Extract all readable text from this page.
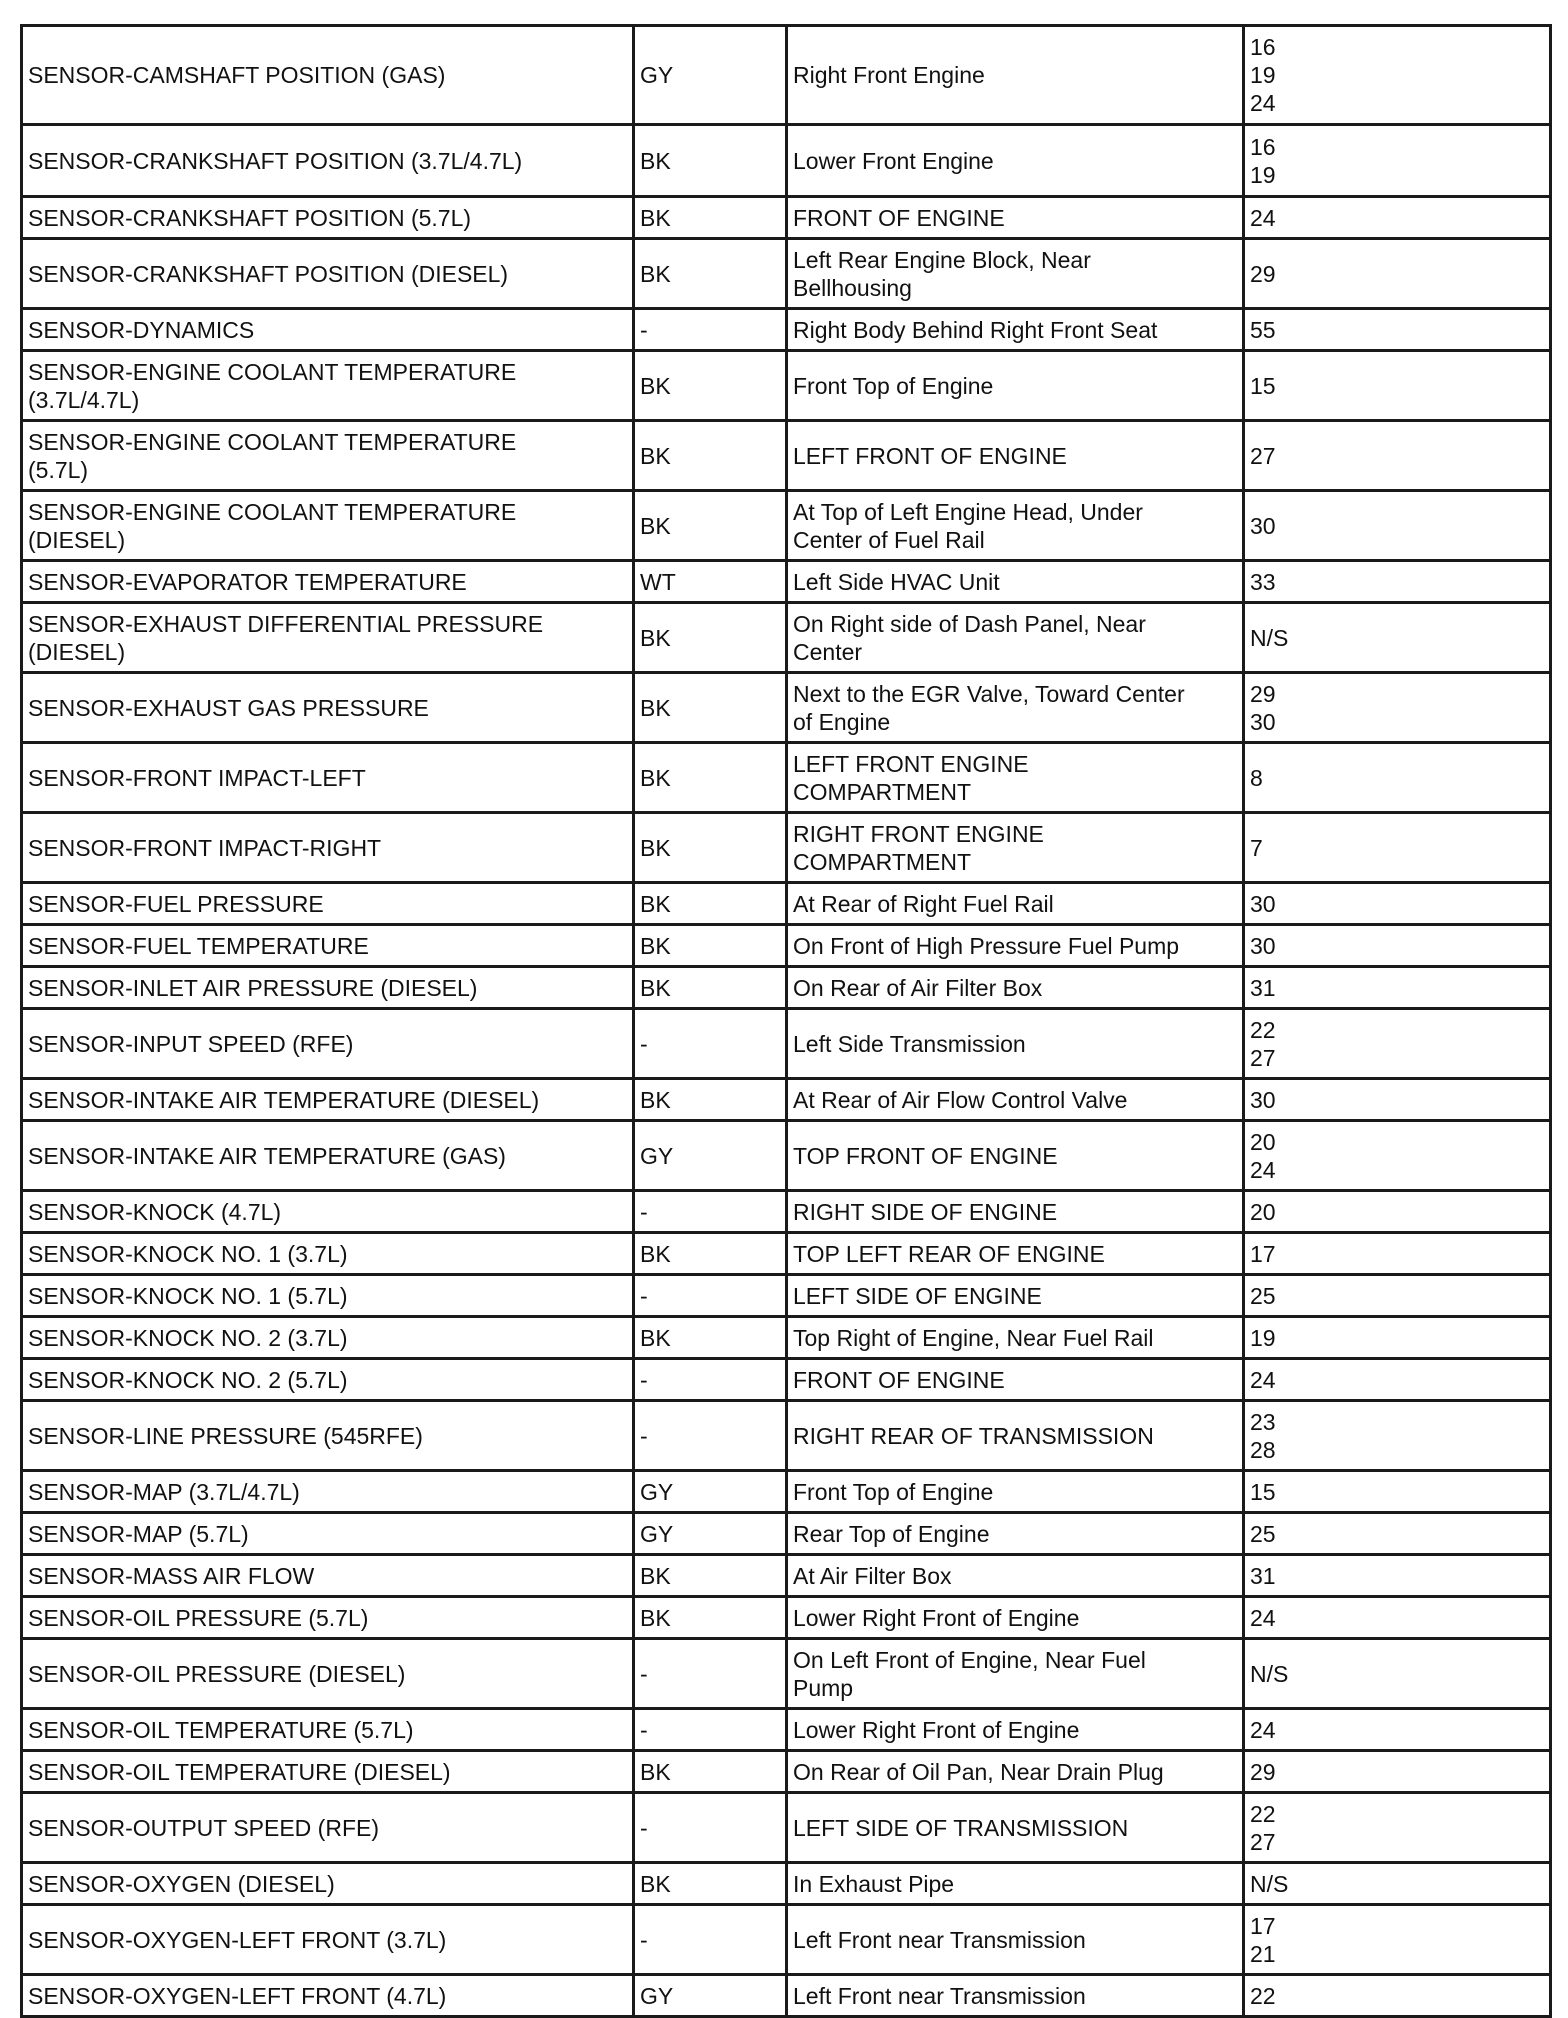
SENSOR-CAMSHAFT POSITION (GAS)	GY	Right Front Engine	16
19
24
SENSOR-CRANKSHAFT POSITION (3.7L/4.7L)	BK	Lower Front Engine	16
19
SENSOR-CRANKSHAFT POSITION (5.7L)	BK	FRONT OF ENGINE	24
SENSOR-CRANKSHAFT POSITION (DIESEL)	BK	Left Rear Engine Block, Near
Bellhousing	29
SENSOR-DYNAMICS	-	Right Body Behind Right Front Seat	55
SENSOR-ENGINE COOLANT TEMPERATURE
(3.7L/4.7L)	BK	Front Top of Engine	15
SENSOR-ENGINE COOLANT TEMPERATURE
(5.7L)	BK	LEFT FRONT OF ENGINE	27
SENSOR-ENGINE COOLANT TEMPERATURE
(DIESEL)	BK	At Top of Left Engine Head, Under
Center of Fuel Rail	30
SENSOR-EVAPORATOR TEMPERATURE	WT	Left Side HVAC Unit	33
SENSOR-EXHAUST DIFFERENTIAL PRESSURE
(DIESEL)	BK	On Right side of Dash Panel, Near
Center	N/S
SENSOR-EXHAUST GAS PRESSURE	BK	Next to the EGR Valve, Toward Center
of Engine	29
30
SENSOR-FRONT IMPACT-LEFT	BK	LEFT FRONT ENGINE
COMPARTMENT	8
SENSOR-FRONT IMPACT-RIGHT	BK	RIGHT FRONT ENGINE
COMPARTMENT	7
SENSOR-FUEL PRESSURE	BK	At Rear of Right Fuel Rail	30
SENSOR-FUEL TEMPERATURE	BK	On Front of High Pressure Fuel Pump	30
SENSOR-INLET AIR PRESSURE (DIESEL)	BK	On Rear of Air Filter Box	31
SENSOR-INPUT SPEED (RFE)	-	Left Side Transmission	22
27
SENSOR-INTAKE AIR TEMPERATURE (DIESEL)	BK	At Rear of Air Flow Control Valve	30
SENSOR-INTAKE AIR TEMPERATURE (GAS)	GY	TOP FRONT OF ENGINE	20
24
SENSOR-KNOCK (4.7L)	-	RIGHT SIDE OF ENGINE	20
SENSOR-KNOCK NO. 1 (3.7L)	BK	TOP LEFT REAR OF ENGINE	17
SENSOR-KNOCK NO. 1 (5.7L)	-	LEFT SIDE OF ENGINE	25
SENSOR-KNOCK NO. 2 (3.7L)	BK	Top Right of Engine, Near Fuel Rail	19
SENSOR-KNOCK NO. 2 (5.7L)	-	FRONT OF ENGINE	24
SENSOR-LINE PRESSURE (545RFE)	-	RIGHT REAR OF TRANSMISSION	23
28
SENSOR-MAP (3.7L/4.7L)	GY	Front Top of Engine	15
SENSOR-MAP (5.7L)	GY	Rear Top of Engine	25
SENSOR-MASS AIR FLOW	BK	At Air Filter Box	31
SENSOR-OIL PRESSURE (5.7L)	BK	Lower Right Front of Engine	24
SENSOR-OIL PRESSURE (DIESEL)	-	On Left Front of Engine, Near Fuel
Pump	N/S
SENSOR-OIL TEMPERATURE (5.7L)	-	Lower Right Front of Engine	24
SENSOR-OIL TEMPERATURE (DIESEL)	BK	On Rear of Oil Pan, Near Drain Plug	29
SENSOR-OUTPUT SPEED (RFE)	-	LEFT SIDE OF TRANSMISSION	22
27
SENSOR-OXYGEN (DIESEL)	BK	In Exhaust Pipe	N/S
SENSOR-OXYGEN-LEFT FRONT (3.7L)	-	Left Front near Transmission	17
21
SENSOR-OXYGEN-LEFT FRONT (4.7L)	GY	Left Front near Transmission	22
